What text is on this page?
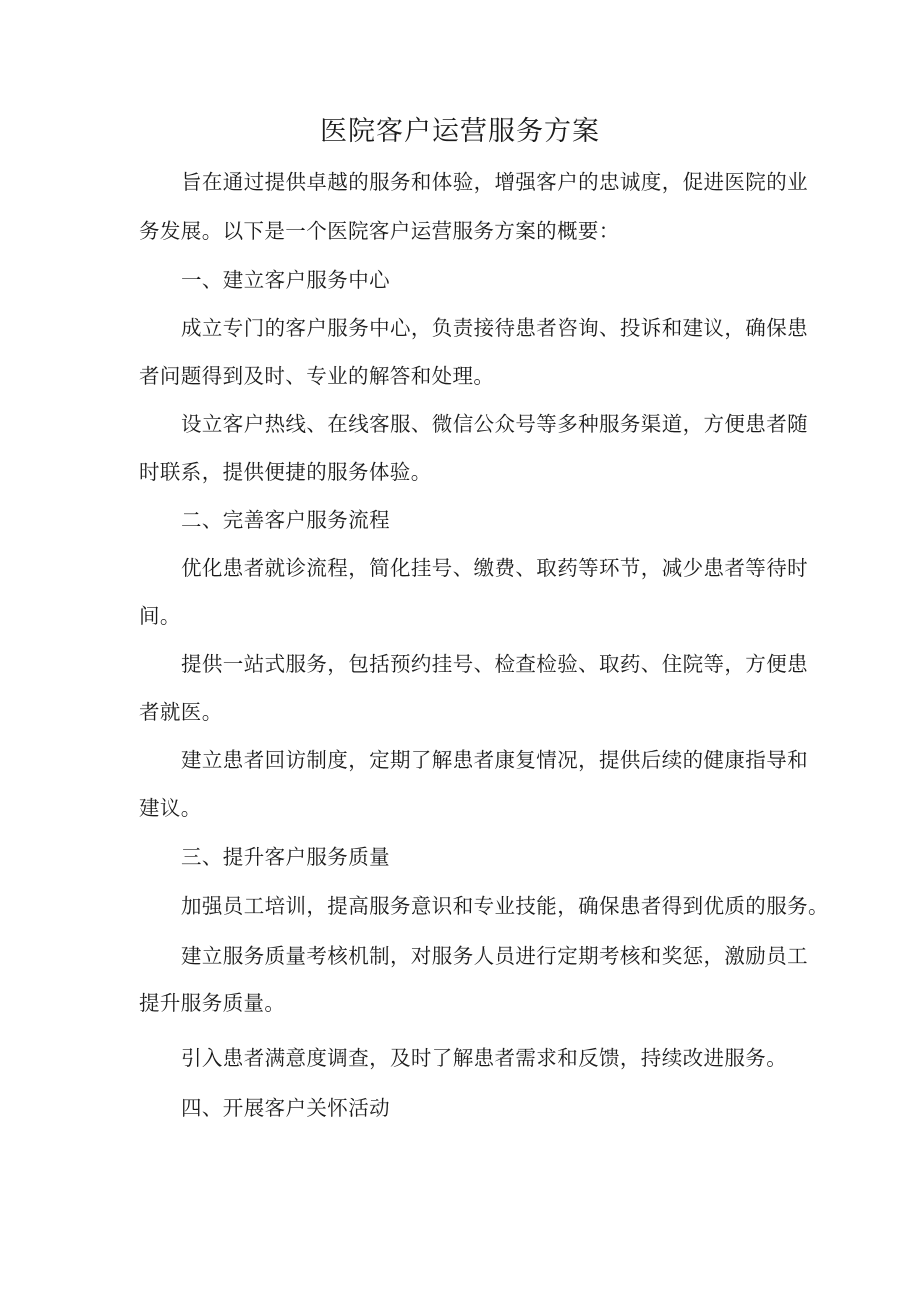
医院客户运营服务方案
旨在通过提供卓越的服务和体验，增强客户的忠诚度，促进医院的业
务发展。以下是一个医院客户运营服务方案的概要：
一、建立客户服务中心
成立专门的客户服务中心，负责接待患者咨询、投诉和建议，确保患
者问题得到及时、专业的解答和处理。
设立客户热线、在线客服、微信公众号等多种服务渠道，方便患者随
时联系，提供便捷的服务体验。
二、完善客户服务流程
优化患者就诊流程，简化挂号、缴费、取药等环节，减少患者等待时
间。
提供一站式服务，包括预约挂号、检查检验、取药、住院等，方便患
者就医。
建立患者回访制度，定期了解患者康复情况，提供后续的健康指导和
建议。
三、提升客户服务质量
加强员工培训，提高服务意识和专业技能，确保患者得到优质的服务。
建立服务质量考核机制，对服务人员进行定期考核和奖惩，激励员工
提升服务质量。
引入患者满意度调查，及时了解患者需求和反馈，持续改进服务。
四、开展客户关怀活动
